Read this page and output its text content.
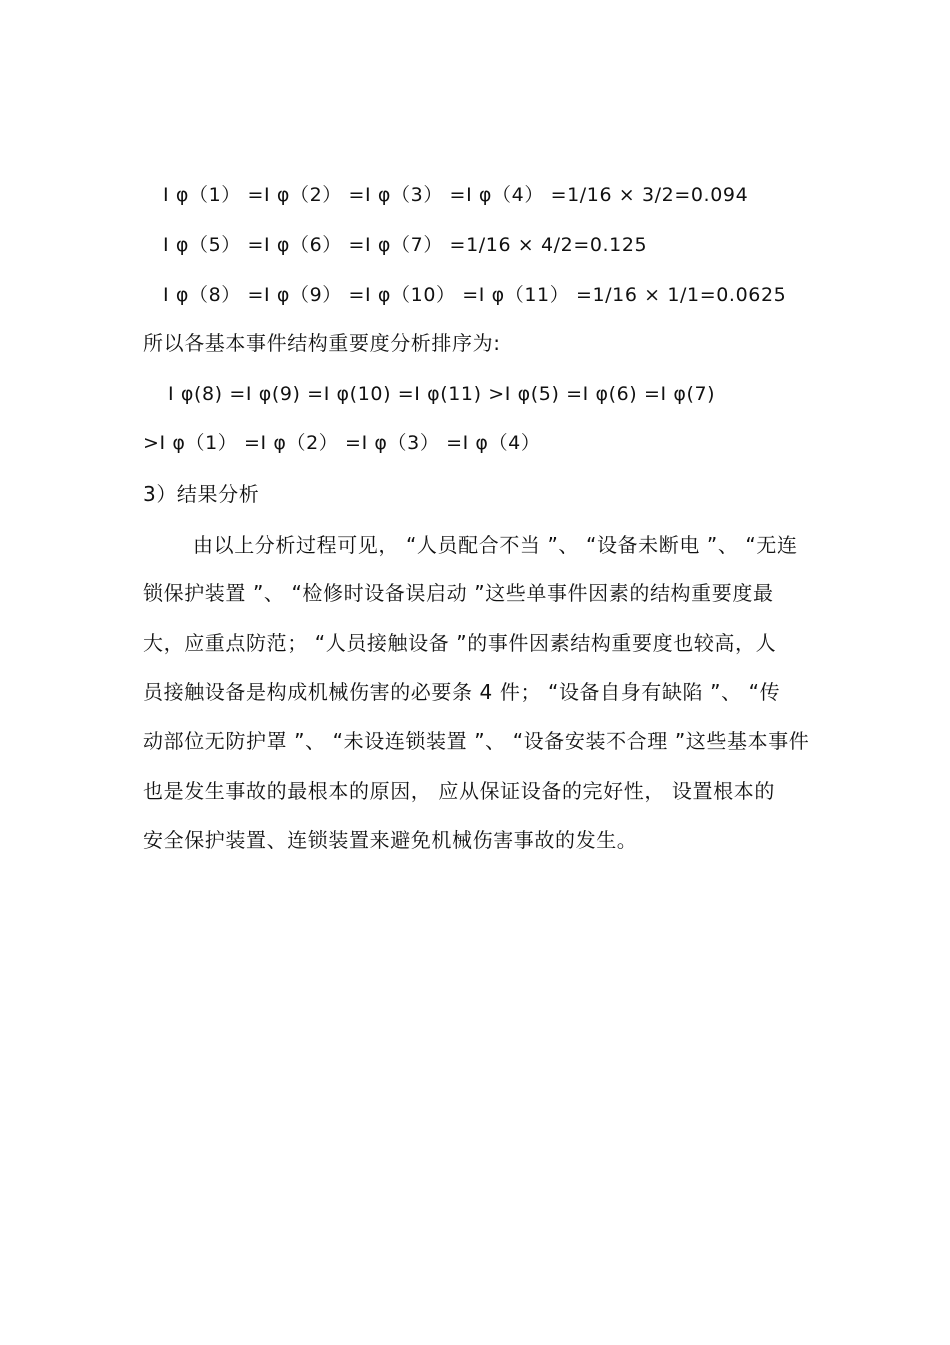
I φ（1） =I φ（2） =I φ（3） =I φ（4） =1/16 × 3/2=0.094
I φ（5） =I φ（6） =I φ（7） =1/16 × 4/2=0.125
I φ（8） =I φ（9） =I φ（10） =I φ（11） =1/16 × 1/1=0.0625
所以各基本事件结构重要度分析排序为:
I φ(8) =I φ(9) =I φ(10) =I φ(11) >I φ(5) =I φ(6) =I φ(7)
>I φ（1） =I φ（2） =I φ（3） =I φ（4）
3）结果分析
由以上分析过程可见， “人员配合不当 ”、 “设备未断电 ”、 “无连
锁保护装置 ”、 “检修时设备误启动 ”这些单事件因素的结构重要度最
大，应重点防范； “人员接触设备 ”的事件因素结构重要度也较高，人
员接触设备是构成机械伤害的必要条 4 件； “设备自身有缺陷 ”、 “传
动部位无防护罩 ”、 “未设连锁装置 ”、 “设备安装不合理 ”这些基本事件
也是发生事故的最根本的原因， 应从保证设备的完好性， 设置根本的
安全保护装置、连锁装置来避免机械伤害事故的发生。
